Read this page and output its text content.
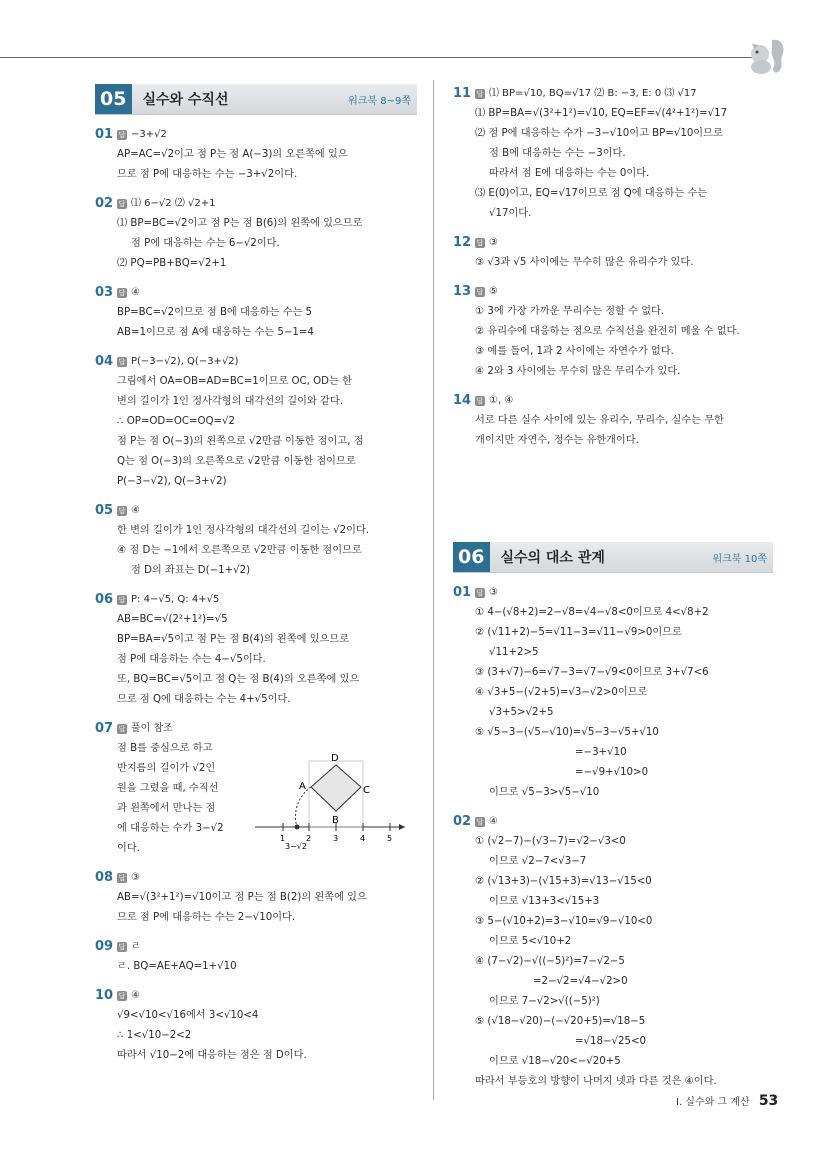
05	실수와 수직선	워크북 8~9쪽
01 답 −3+√2
AP=AC=√2이고 점 P는 점 A(−3)의 오른쪽에 있으
므로 점 P에 대응하는 수는 −3+√2이다.
02 답 ⑴ 6−√2 ⑵ √2+1
⑴ BP=BC=√2이고 점 P는 점 B(6)의 왼쪽에 있으므로
점 P에 대응하는 수는 6−√2이다.
⑵ PQ=PB+BQ=√2+1
03 답 ④
BP=BC=√2이므로 점 B에 대응하는 수는 5
AB=1이므로 점 A에 대응하는 수는 5−1=4
04 답 P(−3−√2), Q(−3+√2)
그림에서 OA=OB=AD=BC=1이므로 OC, OD는 한
변의 길이가 1인 정사각형의 대각선의 길이와 같다.
∴ OP=OD=OC=OQ=√2
점 P는 점 O(−3)의 왼쪽으로 √2만큼 이동한 점이고, 점
Q는 점 O(−3)의 오른쪽으로 √2만큼 이동한 점이므로
P(−3−√2), Q(−3+√2)
05 답 ④
한 변의 길이가 1인 정사각형의 대각선의 길이는 √2이다.
④ 점 D는 −1에서 오른쪽으로 √2만큼 이동한 점이므로
점 D의 좌표는 D(−1+√2)
06 답 P: 4−√5, Q: 4+√5
AB=BC=√(2²+1²)=√5
BP=BA=√5이고 점 P는 점 B(4)의 왼쪽에 있으므로
점 P에 대응하는 수는 4−√5이다.
또, BQ=BC=√5이고 점 Q는 점 B(4)의 오른쪽에 있으
므로 점 Q에 대응하는 수는 4+√5이다.
07 답 풀이 참조
점 B를 중심으로 하고
반지름의 길이가 √2인
원을 그렸을 때, 수직선
과 왼쪽에서 만나는 점
에 대응하는 수가 3−√2
이다.
D
A	C
B
1	2	3	4	5
3−√2
08 답 ③
AB=√(3²+1²)=√10이고 점 P는 점 B(2)의 왼쪽에 있으
므로 점 P에 대응하는 수는 2−√10이다.
09 답 ㄹ
ㄹ. BQ=AE+AQ=1+√10
10 답 ④
√9<√10<√16에서 3<√10<4
∴ 1<√10−2<2
따라서 √10−2에 대응하는 점은 점 D이다.
11 답 ⑴ BP=√10, BQ=√17 ⑵ B: −3, E: 0 ⑶ √17
⑴ BP=BA=√(3²+1²)=√10, EQ=EF=√(4²+1²)=√17
⑵ 점 P에 대응하는 수가 −3−√10이고 BP=√10이므로
점 B에 대응하는 수는 −3이다.
따라서 점 E에 대응하는 수는 0이다.
⑶ E(0)이고, EQ=√17이므로 점 Q에 대응하는 수는
√17이다.
12 답 ③
③ √3과 √5 사이에는 무수히 많은 유리수가 있다.
13 답 ⑤
① 3에 가장 가까운 무리수는 정할 수 없다.
② 유리수에 대응하는 점으로 수직선을 완전히 메울 수 없다.
③ 예를 들어, 1과 2 사이에는 자연수가 없다.
④ 2와 3 사이에는 무수히 많은 무리수가 있다.
14 답 ①, ④
서로 다른 실수 사이에 있는 유리수, 무리수, 실수는 무한
개이지만 자연수, 정수는 유한개이다.
06	실수의 대소 관계	워크북 10쪽
01 답 ③
① 4−(√8+2)=2−√8=√4−√8<0이므로 4<√8+2
② (√11+2)−5=√11−3=√11−√9>0이므로
√11+2>5
③ (3+√7)−6=√7−3=√7−√9<0이므로 3+√7<6
④ √3+5−(√2+5)=√3−√2>0이므로
√3+5>√2+5
⑤ √5−3−(√5−√10)=√5−3−√5+√10
=−3+√10
=−√9+√10>0
이므로 √5−3>√5−√10
02 답 ④
① (√2−7)−(√3−7)=√2−√3<0
이므로 √2−7<√3−7
② (√13+3)−(√15+3)=√13−√15<0
이므로 √13+3<√15+3
③ 5−(√10+2)=3−√10=√9−√10<0
이므로 5<√10+2
④ (7−√2)−√((−5)²)=7−√2−5
=2−√2=√4−√2>0
이므로 7−√2>√((−5)²)
⑤ (√18−√20)−(−√20+5)=√18−5
=√18−√25<0
이므로 √18−√20<−√20+5
따라서 부등호의 방향이 나머지 넷과 다른 것은 ④이다.
Ⅰ. 실수와 그 계산 53
